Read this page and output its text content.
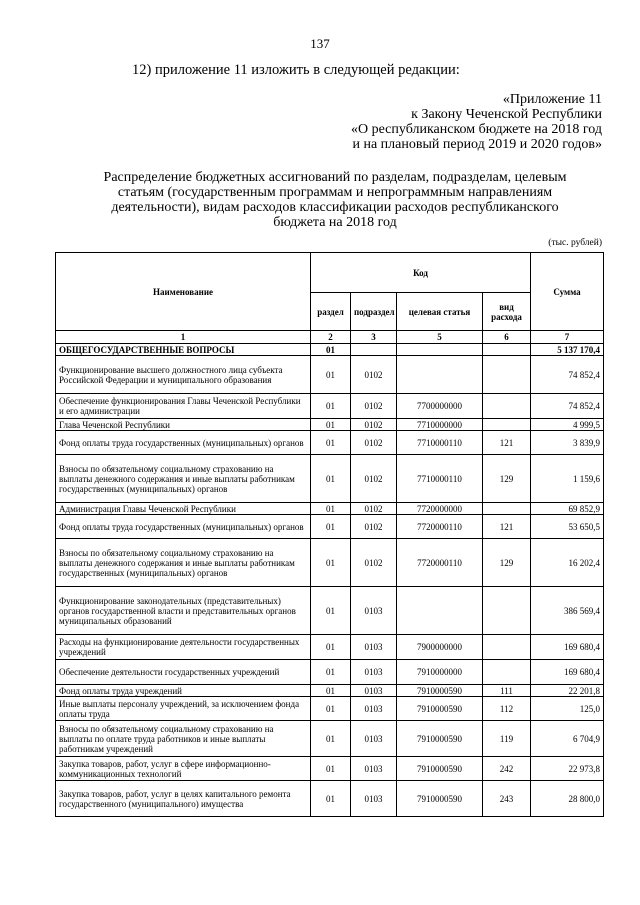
137
12) приложение 11 изложить в следующей редакции:
«Приложение 11
к Закону Чеченской Республики
«О республиканском бюджете на 2018 год
и на плановый период 2019 и 2020 годов»
Распределение бюджетных ассигнований по разделам, подразделам, целевым
статьям (государственным программам и непрограммным направлениям
деятельности), видам расходов классификации расходов республиканского
бюджета на 2018 год
(тыс. рублей)
Наименование	Код				Сумма
	раздел	подраздел	целевая статья	вид расхода	
1	2	3	5	6	7
ОБЩЕГОСУДАРСТВЕННЫЕ ВОПРОСЫ	01				5 137 170,4
Функционирование высшего должностного лица субъекта Российской Федерации и муниципального образования	01	0102			74 852,4
Обеспечение функционирования Главы Чеченской Республики и его администрации	01	0102	7700000000		74 852,4
Глава Чеченской Республики	01	0102	7710000000		4 999,5
Фонд оплаты труда государственных (муниципальных) органов	01	0102	7710000110	121	3 839,9
Взносы по обязательному социальному страхованию на выплаты денежного содержания и иные выплаты работникам государственных (муниципальных) органов	01	0102	7710000110	129	1 159,6
Администрация Главы Чеченской Республики	01	0102	7720000000		69 852,9
Фонд оплаты труда государственных (муниципальных) органов	01	0102	7720000110	121	53 650,5
Взносы по обязательному социальному страхованию на выплаты денежного содержания и иные выплаты работникам государственных (муниципальных) органов	01	0102	7720000110	129	16 202,4
Функционирование законодательных (представительных) органов государственной власти и представительных органов муниципальных образований	01	0103			386 569,4
Расходы на функционирование деятельности государственных учреждений	01	0103	7900000000		169 680,4
Обеспечение деятельности государственных учреждений	01	0103	7910000000		169 680,4
Фонд оплаты труда учреждений	01	0103	7910000590	111	22 201,8
Иные выплаты персоналу учреждений, за исключением фонда оплаты труда	01	0103	7910000590	112	125,0
Взносы по обязательному социальному страхованию на выплаты по оплате труда работников и иные выплаты работникам учреждений	01	0103	7910000590	119	6 704,9
Закупка товаров, работ, услуг в сфере информационно-коммуникационных технологий	01	0103	7910000590	242	22 973,8
Закупка товаров, работ, услуг в целях капитального ремонта государственного (муниципального) имущества	01	0103	7910000590	243	28 800,0
